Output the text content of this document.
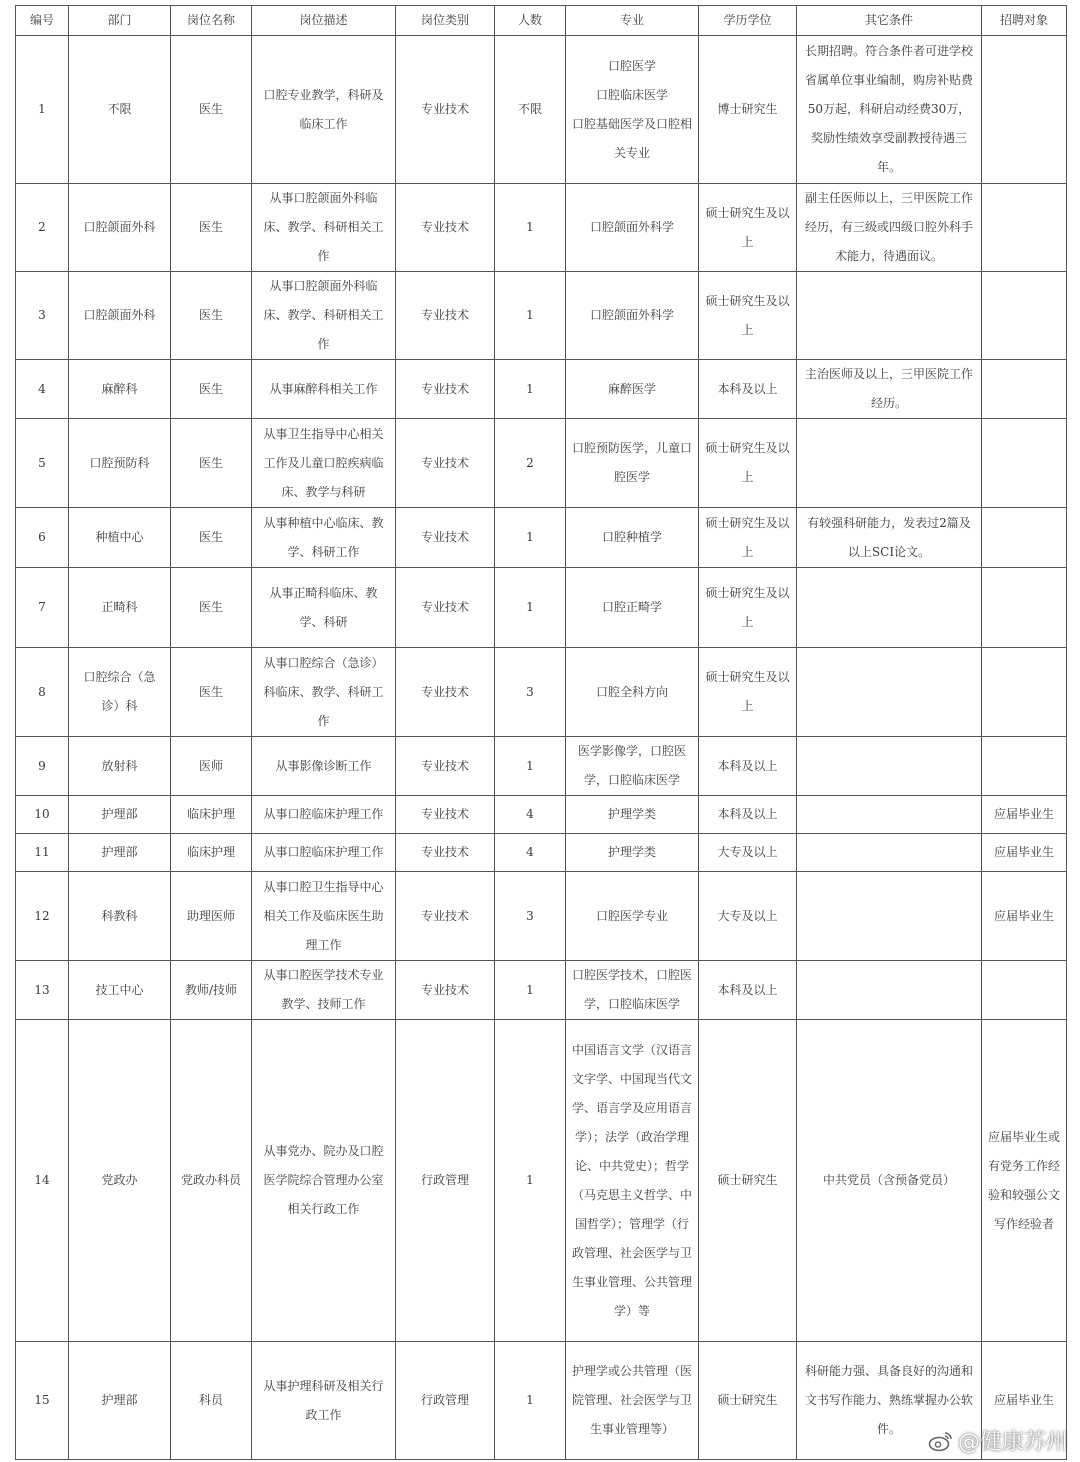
编号	部门	岗位名称	岗位描述	岗位类别	人数	专业	学历学位	其它条件	招聘对象
1	不限	医生	口腔专业教学，科研及临床工作	专业技术	不限	口腔医学
口腔临床医学
口腔基础医学及口腔相关专业	博士研究生	长期招聘。符合条件者可进学校省属单位事业编制，购房补贴费50万起，科研启动经费30万，奖励性绩效享受副教授待遇三年。	
2	口腔颌面外科	医生	从事口腔颌面外科临床、教学、科研相关工作	专业技术	1	口腔颌面外科学	硕士研究生及以上	副主任医师以上，三甲医院工作经历，有三级或四级口腔外科手术能力，待遇面议。	
3	口腔颌面外科	医生	从事口腔颌面外科临床、教学、科研相关工作	专业技术	1	口腔颌面外科学	硕士研究生及以上		
4	麻醉科	医生	从事麻醉科相关工作	专业技术	1	麻醉医学	本科及以上	主治医师及以上，三甲医院工作经历。	
5	口腔预防科	医生	从事卫生指导中心相关工作及儿童口腔疾病临床、教学与科研	专业技术	2	口腔预防医学，儿童口腔医学	硕士研究生及以上		
6	种植中心	医生	从事种植中心临床、教学、科研工作	专业技术	1	口腔种植学	硕士研究生及以上	有较强科研能力，发表过2篇及以上SCI论文。	
7	正畸科	医生	从事正畸科临床、教学、科研	专业技术	1	口腔正畸学	硕士研究生及以上		
8	口腔综合（急诊）科	医生	从事口腔综合（急诊）科临床、教学、科研工作	专业技术	3	口腔全科方向	硕士研究生及以上		
9	放射科	医师	从事影像诊断工作	专业技术	1	医学影像学，口腔医学，口腔临床医学	本科及以上		
10	护理部	临床护理	从事口腔临床护理工作	专业技术	4	护理学类	本科及以上		应届毕业生
11	护理部	临床护理	从事口腔临床护理工作	专业技术	4	护理学类	大专及以上		应届毕业生
12	科教科	助理医师	从事口腔卫生指导中心相关工作及临床医生助理工作	专业技术	3	口腔医学专业	大专及以上		应届毕业生
13	技工中心	教师/技师	从事口腔医学技术专业教学、技师工作	专业技术	1	口腔医学技术，口腔医学，口腔临床医学	本科及以上		
14	党政办	党政办科员	从事党办、院办及口腔医学院综合管理办公室相关行政工作	行政管理	1	中国语言文学（汉语言文字学、中国现当代文学、语言学及应用语言学）；法学（政治学理论、中共党史）；哲学（马克思主义哲学、中国哲学）；管理学（行政管理、社会医学与卫生事业管理、公共管理学）等	硕士研究生	中共党员（含预备党员）	应届毕业生或有党务工作经验和较强公文写作经验者
15	护理部	科员	从事护理科研及相关行政工作	行政管理	1	护理学或公共管理（医院管理、社会医学与卫生事业管理等）	硕士研究生	科研能力强、具备良好的沟通和文书写作能力、熟练掌握办公软件。	应届毕业生
@健康苏州
